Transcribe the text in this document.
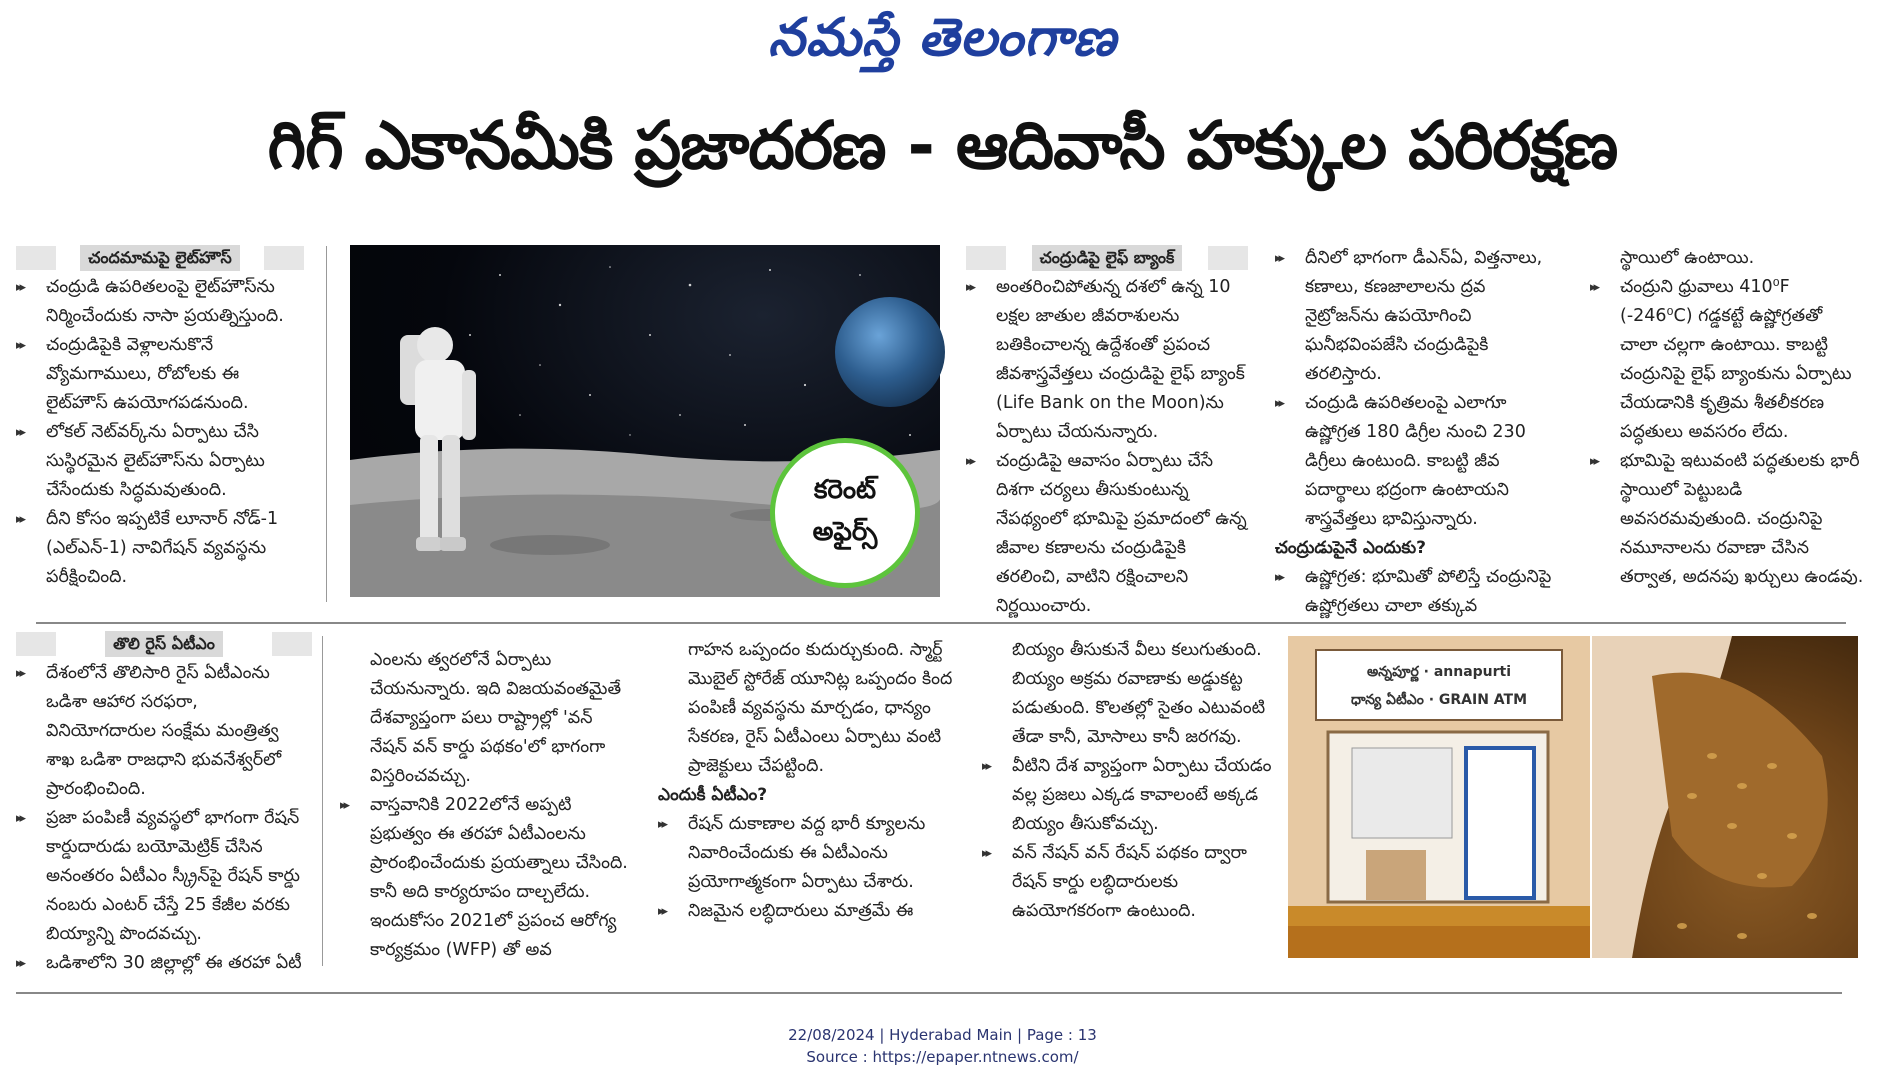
నమస్తే తెలంగాణ
గిగ్ ఎకానమీకి ప్రజాదరణ - ఆదివాసీ హక్కుల పరిరక్షణ
చందమామపై లైట్‌హౌస్

▸▸ చంద్రుడి ఉపరితలంపై లైట్‌హౌస్‌ను నిర్మించేందుకు నాసా ప్రయత్నిస్తుంది.

▸▸ చంద్రుడిపైకి వెళ్లాలనుకొనే వ్యోమగాములు, రోబోలకు ఈ లైట్‌హౌస్ ఉపయోగపడనుంది.

▸▸ లోకల్ నెట్‌వర్క్‌ను ఏర్పాటు చేసి సుస్థిరమైన లైట్‌హౌస్‌ను ఏర్పాటు చేసేందుకు సిద్ధమవుతుంది.

▸▸ దీని కోసం ఇప్పటికే లూనార్ నోడ్-1 (ఎల్ఎన్-1) నావిగేషన్ వ్యవస్థను పరీక్షించింది.

కరెంట్
అఫైర్స్
చంద్రుడిపై లైఫ్ బ్యాంక్

▸▸ అంతరించిపోతున్న దశలో ఉన్న 10 లక్షల జాతుల జీవరాశులను బతికించాలన్న ఉద్దేశంతో ప్రపంచ జీవశాస్త్రవేత్తలు చంద్రుడిపై లైఫ్ బ్యాంక్ (Life Bank on the Moon)ను ఏర్పాటు చేయనున్నారు.

▸▸ చంద్రుడిపై ఆవాసం ఏర్పాటు చేసే దిశగా చర్యలు తీసుకుంటున్న నేపథ్యంలో భూమిపై ప్రమాదంలో ఉన్న జీవాల కణాలను చంద్రుడిపైకి తరలించి, వాటిని రక్షించాలని నిర్ణయించారు.

▸▸ దీనిలో భాగంగా డీఎన్ఏ, విత్తనాలు, కణాలు, కణజాలాలను ద్రవ నైట్రోజన్‌ను ఉపయోగించి ఘనీభవింపజేసి చంద్రుడిపైకి తరలిస్తారు.

▸▸ చంద్రుడి ఉపరితలంపై ఎలాగూ ఉష్ణోగ్రత 180 డిగ్రీల నుంచి 230 డిగ్రీలు ఉంటుంది. కాబట్టి జీవ పదార్థాలు భద్రంగా ఉంటాయని శాస్త్రవేత్తలు భావిస్తున్నారు.

చంద్రుడుపైనే ఎందుకు?

▸▸ ఉష్ణోగ్రత: భూమితో పోలిస్తే చంద్రునిపై ఉష్ణోగ్రతలు చాలా తక్కువ

స్థాయిలో ఉంటాయి.

▸▸ చంద్రుని ధ్రువాలు 410⁰F (-246⁰C) గడ్డకట్టే ఉష్ణోగ్రతతో చాలా చల్లగా ఉంటాయి. కాబట్టి చంద్రునిపై లైఫ్ బ్యాంకును ఏర్పాటు చేయడానికి కృత్రిమ శీతలీకరణ పద్ధతులు అవసరం లేదు.

▸▸ భూమిపై ఇటువంటి పద్ధతులకు భారీ స్థాయిలో పెట్టుబడి అవసరమవుతుంది. చంద్రునిపై నమూనాలను రవాణా చేసిన తర్వాత, అదనపు ఖర్చులు ఉండవు.

తొలి రైస్ ఏటీఎం

▸▸ దేశంలోనే తొలిసారి రైస్ ఏటీఎంను ఒడిశా ఆహార సరఫరా, వినియోగదారుల సంక్షేమ మంత్రిత్వ శాఖ ఒడిశా రాజధాని భువనేశ్వర్‌లో ప్రారంభించింది.

▸▸ ప్రజా పంపిణీ వ్యవస్థలో భాగంగా రేషన్ కార్డుదారుడు బయోమెట్రిక్ చేసిన అనంతరం ఏటీఎం స్క్రీన్‌పై రేషన్ కార్డు నంబరు ఎంటర్ చేస్తే 25 కేజీల వరకు బియ్యాన్ని పొందవచ్చు.

▸▸ ఒడిశాలోని 30 జిల్లాల్లో ఈ తరహా ఏటీ

ఎంలను త్వరలోనే ఏర్పాటు చేయనున్నారు. ఇది విజయవంతమైతే దేశవ్యాప్తంగా పలు రాష్ట్రాల్లో 'వన్ నేషన్ వన్ కార్డు పథకం'లో భాగంగా విస్తరించవచ్చు.

▸▸ వాస్తవానికి 2022లోనే అప్పటి ప్రభుత్వం ఈ తరహా ఏటీఎంలను ప్రారంభించేందుకు ప్రయత్నాలు చేసింది. కానీ అది కార్యరూపం దాల్చలేదు. ఇందుకోసం 2021లో ప్రపంచ ఆరోగ్య కార్యక్రమం (WFP) తో అవ

గాహన ఒప్పందం కుదుర్చుకుంది. స్మార్ట్ మొబైల్ స్టోరేజ్ యూనిట్ల ఒప్పందం కింద పంపిణీ వ్యవస్థను మార్చడం, ధాన్యం సేకరణ, రైస్ ఏటీఎంలు ఏర్పాటు వంటి ప్రాజెక్టులు చేపట్టింది.

ఎందుకీ ఏటీఎం?

▸▸ రేషన్ దుకాణాల వద్ద భారీ క్యూలను నివారించేందుకు ఈ ఏటీఎంను ప్రయోగాత్మకంగా ఏర్పాటు చేశారు.

▸▸ నిజమైన లబ్ధిదారులు మాత్రమే ఈ

బియ్యం తీసుకునే వీలు కలుగుతుంది. బియ్యం అక్రమ రవాణాకు అడ్డుకట్ట పడుతుంది. కొలతల్లో సైతం ఎటువంటి తేడా కానీ, మోసాలు కానీ జరగవు.

▸▸ వీటిని దేశ వ్యాప్తంగా ఏర్పాటు చేయడం వల్ల ప్రజలు ఎక్కడ కావాలంటే అక్కడ బియ్యం తీసుకోవచ్చు.

▸▸ వన్ నేషన్ వన్ రేషన్ పథకం ద్వారా రేషన్ కార్డు లబ్ధిదారులకు ఉపయోగకరంగా ఉంటుంది.

అన్నపూర్ణ · annapurti
ధాన్య ఏటీఎం · GRAIN ATM
22/08/2024 | Hyderabad Main | Page : 13
Source : https://epaper.ntnews.com/
